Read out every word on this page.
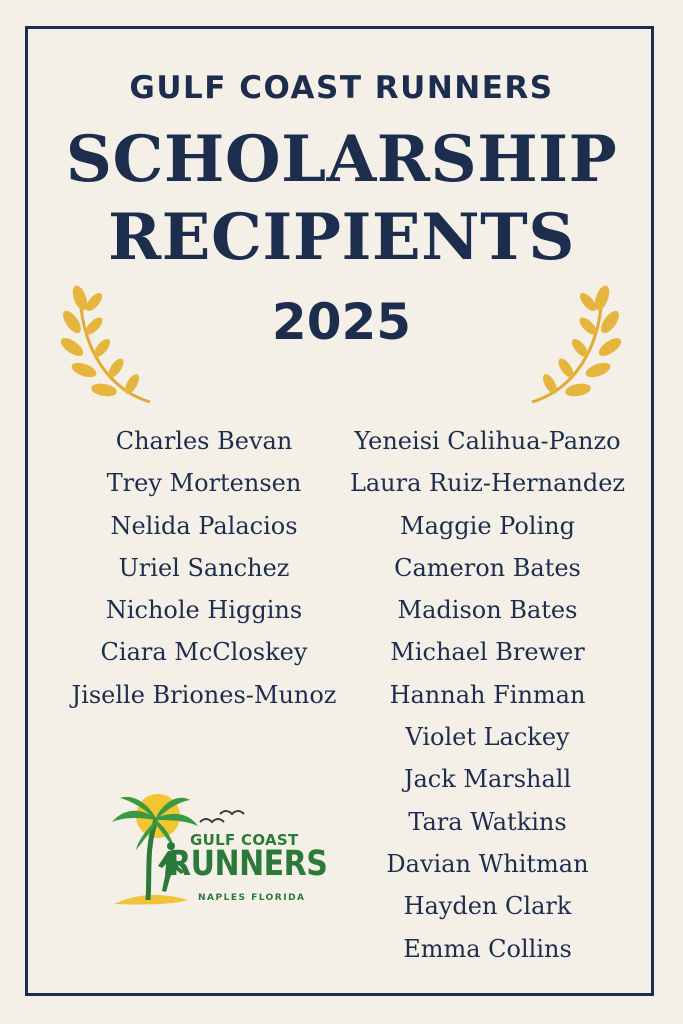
GULF COAST RUNNERS
SCHOLARSHIP
RECIPIENTS
2025
Charles Bevan
Trey Mortensen
Nelida Palacios
Uriel Sanchez
Nichole Higgins
Ciara McCloskey
Jiselle Briones-Munoz
Yeneisi Calihua-Panzo
Laura Ruiz-Hernandez
Maggie Poling
Cameron Bates
Madison Bates
Michael Brewer
Hannah Finman
Violet Lackey
Jack Marshall
Tara Watkins
Davian Whitman
Hayden Clark
Emma Collins
GULF COAST
RUNNERS
NAPLES FLORIDA
